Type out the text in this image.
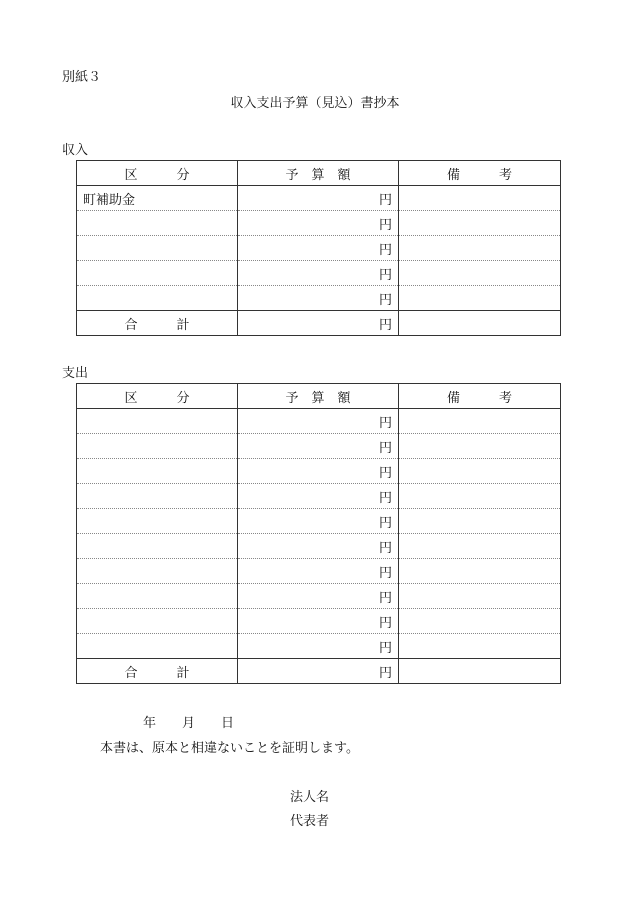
別紙３
収入支出予算（見込）書抄本
収入
区　　　分	予　算　額	備　　　考
町補助金	円	
	円	
	円	
	円	
	円	
合　　　計	円	
支出
区　　　分	予　算　額	備　　　考
	円	
	円	
	円	
	円	
	円	
	円	
	円	
	円	
	円	
	円	
合　　　計	円	
年 月 日
本書は、原本と相違ないことを証明します。
法人名
代表者
